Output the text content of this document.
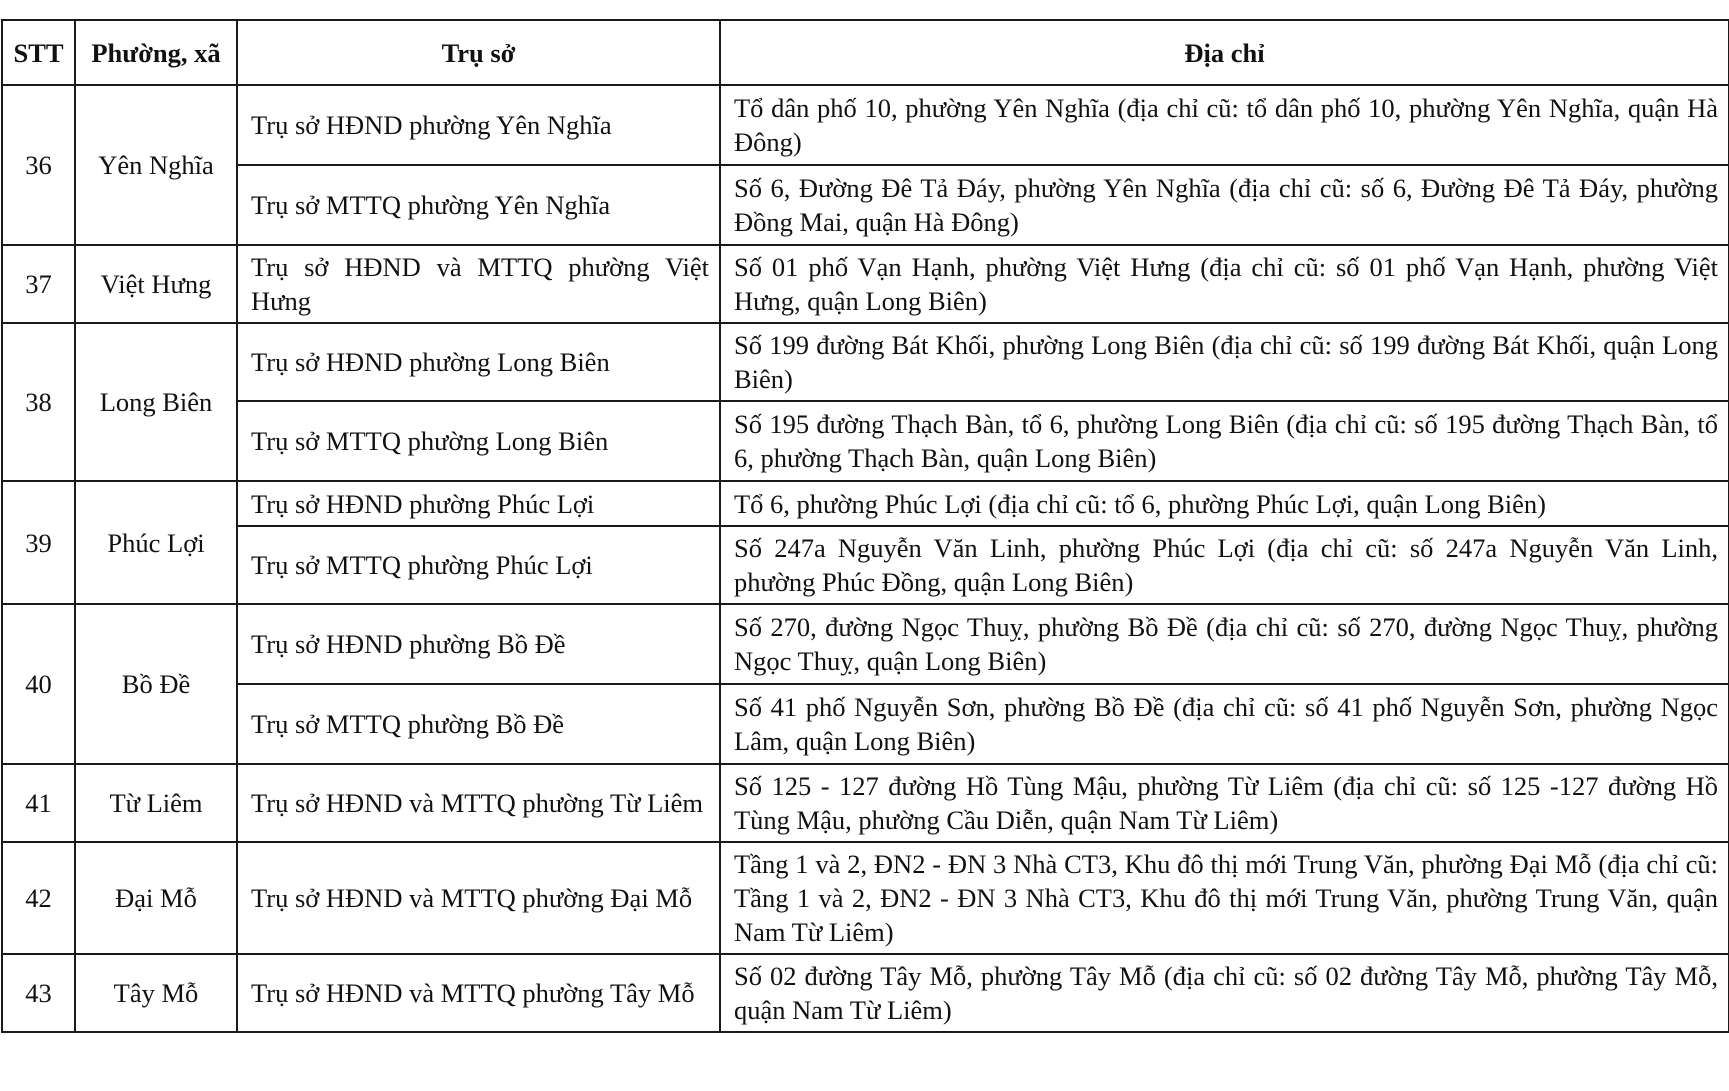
STT	Phường, xã	Trụ sở	Địa chỉ
36	Yên Nghĩa	Trụ sở HĐND phường Yên Nghĩa	Tổ dân phố 10, phường Yên Nghĩa (địa chỉ cũ: tổ dân phố 10, phường Yên Nghĩa, quận Hà Đông)
		Trụ sở MTTQ phường Yên Nghĩa	Số 6, Đường Đê Tả Đáy, phường Yên Nghĩa (địa chỉ cũ: số 6, Đường Đê Tả Đáy, phường Đồng Mai, quận Hà Đông)
37	Việt Hưng	Trụ sở HĐND và MTTQ phường Việt Hưng	Số 01 phố Vạn Hạnh, phường Việt Hưng (địa chỉ cũ: số 01 phố Vạn Hạnh, phường Việt Hưng, quận Long Biên)
38	Long Biên	Trụ sở HĐND phường Long Biên	Số 199 đường Bát Khối, phường Long Biên (địa chỉ cũ: số 199 đường Bát Khối, quận Long Biên)
		Trụ sở MTTQ phường Long Biên	Số 195 đường Thạch Bàn, tổ 6, phường Long Biên (địa chỉ cũ: số 195 đường Thạch Bàn, tổ 6, phường Thạch Bàn, quận Long Biên)
39	Phúc Lợi	Trụ sở HĐND phường Phúc Lợi	Tổ 6, phường Phúc Lợi (địa chỉ cũ: tổ 6, phường Phúc Lợi, quận Long Biên)
		Trụ sở MTTQ phường Phúc Lợi	Số 247a Nguyễn Văn Linh, phường Phúc Lợi (địa chỉ cũ: số 247a Nguyễn Văn Linh, phường Phúc Đồng, quận Long Biên)
40	Bồ Đề	Trụ sở HĐND phường Bồ Đề	Số 270, đường Ngọc Thuỵ, phường Bồ Đề (địa chỉ cũ: số 270, đường Ngọc Thuỵ, phường Ngọc Thuỵ, quận Long Biên)
		Trụ sở MTTQ phường Bồ Đề	Số 41 phố Nguyễn Sơn, phường Bồ Đề (địa chỉ cũ: số 41 phố Nguyễn Sơn, phường Ngọc Lâm, quận Long Biên)
41	Từ Liêm	Trụ sở HĐND và MTTQ phường Từ Liêm	Số 125 - 127 đường Hồ Tùng Mậu, phường Từ Liêm (địa chỉ cũ: số 125 -127 đường Hồ Tùng Mậu, phường Cầu Diễn, quận Nam Từ Liêm)
42	Đại Mỗ	Trụ sở HĐND và MTTQ phường Đại Mỗ	Tầng 1 và 2, ĐN2 - ĐN 3 Nhà CT3, Khu đô thị mới Trung Văn, phường Đại Mỗ (địa chỉ cũ: Tầng 1 và 2, ĐN2 - ĐN 3 Nhà CT3, Khu đô thị mới Trung Văn, phường Trung Văn, quận Nam Từ Liêm)
43	Tây Mỗ	Trụ sở HĐND và MTTQ phường Tây Mỗ	Số 02 đường Tây Mỗ, phường Tây Mỗ (địa chỉ cũ: số 02 đường Tây Mỗ, phường Tây Mỗ, quận Nam Từ Liêm)
